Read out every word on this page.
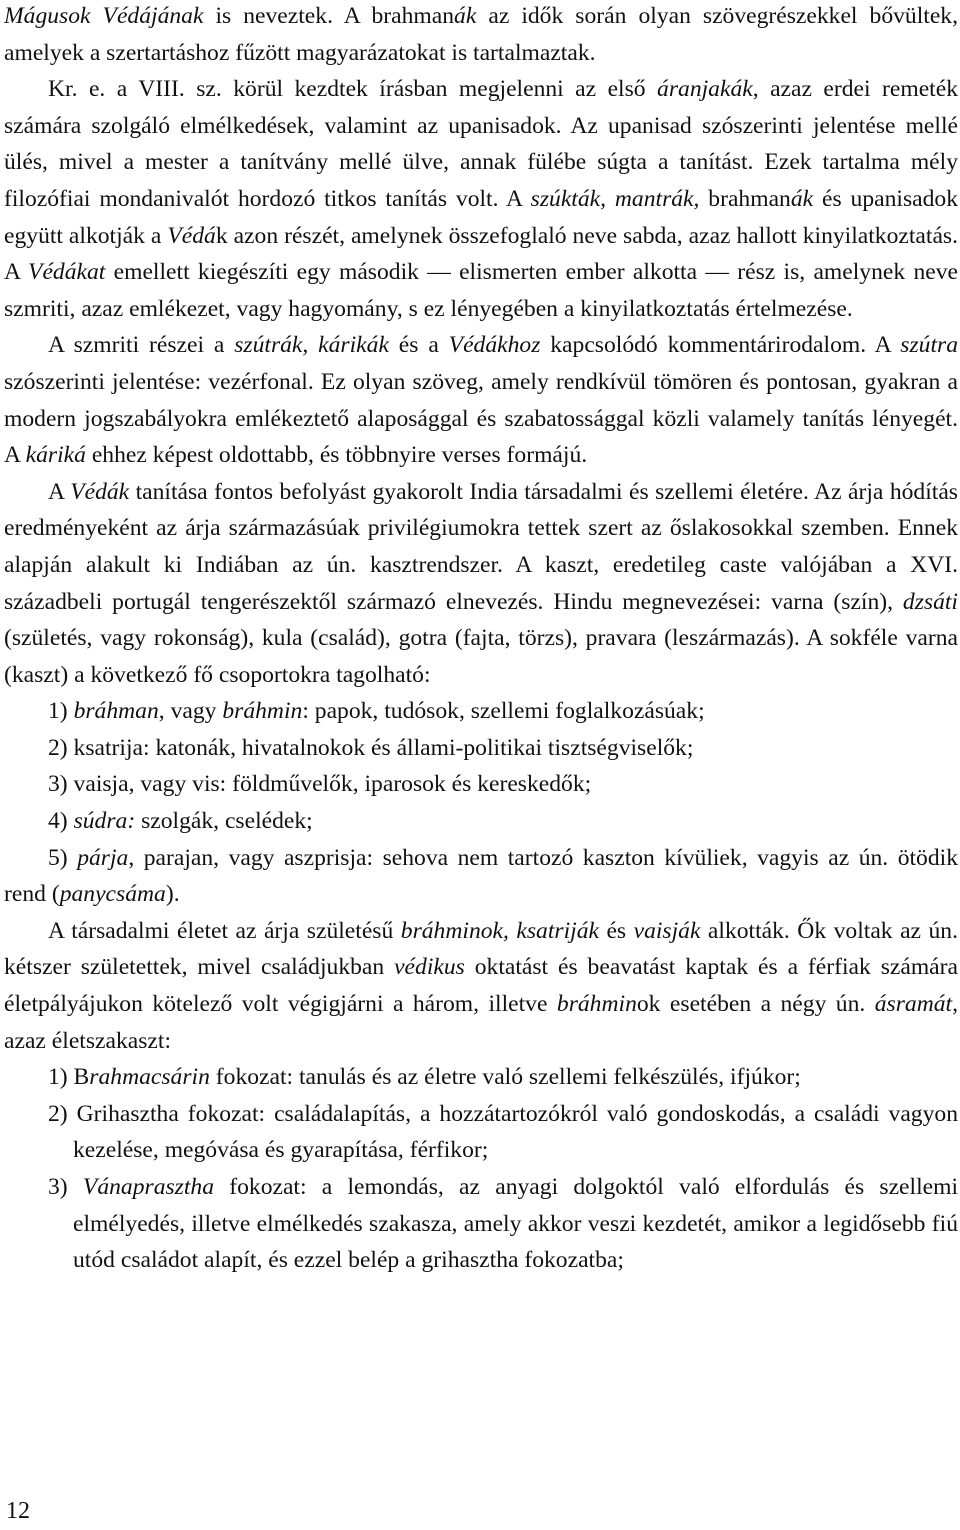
Mágusok Védájának is neveztek. A brahmanák az idők során olyan szövegrészekkel bővültek, amelyek a szertartáshoz fűzött magyarázatokat is tartalmaztak.

Kr. e. a VIII. sz. körül kezdtek írásban megjelenni az első áranjakák, azaz erdei remeték számára szolgáló elmélkedések, valamint az upanisadok. Az upanisad szószerinti jelentése mellé ülés, mivel a mester a tanítvány mellé ülve, annak fülébe súgta a tanítást. Ezek tartalma mély filozófiai mondanivalót hordozó titkos tanítás volt. A szúkták, mantrák, brahmanák és upanisadok együtt alkotják a Védák azon részét, amelynek összefoglaló neve sabda, azaz hallott kinyilatkoztatás. A Védákat emellett kiegészíti egy második — elismerten ember alkotta — rész is, amelynek neve szmriti, azaz emlékezet, vagy hagyomány, s ez lényegében a kinyilatkoztatás értelmezése.

A szmriti részei a szútrák, kárikák és a Védákhoz kapcsolódó kommentárirodalom. A szútra szószerinti jelentése: vezérfonal. Ez olyan szöveg, amely rendkívül tömören és pontosan, gyakran a modern jogszabályokra emlékeztető alaposággal és szabatossággal közli valamely tanítás lényegét. A káriká ehhez képest oldottabb, és többnyire verses formájú.

A Védák tanítása fontos befolyást gyakorolt India társadalmi és szellemi életére. Az árja hódítás eredményeként az árja származásúak privilégiumokra tettek szert az őslakosokkal szemben. Ennek alapján alakult ki Indiában az ún. kasztrendszer. A kaszt, eredetileg caste valójában a XVI. századbeli portugál tengerészektől származó elnevezés. Hindu megnevezései: varna (szín), dzsáti (születés, vagy rokonság), kula (család), gotra (fajta, törzs), pravara (leszármazás). A sokféle varna (kaszt) a következő fő csoportokra tagolható:

1) bráhman, vagy bráhmin: papok, tudósok, szellemi foglalkozásúak;

2) ksatrija: katonák, hivatalnokok és állami-politikai tisztségviselők;

3) vaisja, vagy vis: földművelők, iparosok és kereskedők;

4) súdra: szolgák, cselédek;

5) párja, parajan, vagy aszprisja: sehova nem tartozó kaszton kívüliek, vagyis az ún. ötödik rend (panycsáma).

A társadalmi életet az árja születésű bráhminok, ksatriják és vaisják alkották. Ők voltak az ún. kétszer születettek, mivel családjukban védikus oktatást és beavatást kaptak és a férfiak számára életpályájukon kötelező volt végigjárni a három, illetve bráhminok esetében a négy ún. ásramát, azaz életszakaszt:

1) Brahmacsárin fokozat: tanulás és az életre való szellemi felkészülés, ifjúkor;

2) Grihasztha fokozat: családalapítás, a hozzátartozókról való gondoskodás, a családi vagyon kezelése, megóvása és gyarapítása, férfikor;

3) Vánaprasztha fokozat: a lemondás, az anyagi dolgoktól való elfordulás és szellemi elmélyedés, illetve elmélkedés szakasza, amely akkor veszi kezdetét, amikor a legidősebb fiú utód családot alapít, és ezzel belép a grihasztha fokozatba;

12
